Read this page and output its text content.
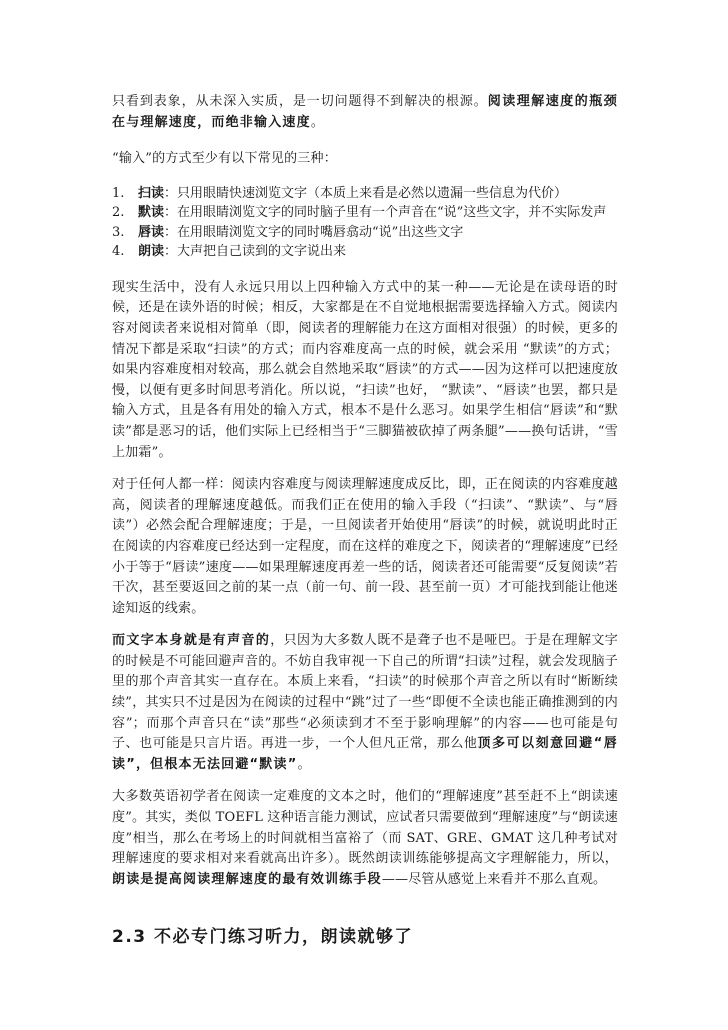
只看到表象，从未深入实质，是一切问题得不到解决的根源。阅读理解速度的瓶颈在与理解速度，而绝非输入速度。

“输入”的方式至少有以下常见的三种：

1.	扫读 ：只用眼睛快速浏览文字（本质上来看是必然以遗漏一些信息为代价）
2.	默读 ：在用眼睛浏览文字的同时脑子里有一个声音在“说”这些文字，并不实际发声
3.	唇读 ：在用眼睛浏览文字的同时嘴唇翕动“说”出这些文字
4.	朗读 ：大声把自己读到的文字说出来

现实生活中，没有人永远只用以上四种输入方式中的某一种——无论是在读母语的时候，还是在读外语的时候；相反，大家都是在不自觉地根据需要选择输入方式。阅读内容对阅读者来说相对简单（即，阅读者的理解能力在这方面相对很强）的时候，更多的情况下都是采取“扫读”的方式；而内容难度高一点的时候，就会采用 “默读”的方式；如果内容难度相对较高，那么就会自然地采取“唇读”的方式——因为这样可以把速度放慢，以便有更多时间思考消化。所以说，“扫读”也好， “默读”、“唇读”也罢，都只是输入方式，且是各有用处的输入方式，根本不是什么恶习。如果学生相信“唇读”和“默读”都是恶习的话，他们实际上已经相当于“三脚猫被砍掉了两条腿”——换句话讲，“雪上加霜”。

对于任何人都一样：阅读内容难度与阅读理解速度成反比，即，正在阅读的内容难度越高，阅读者的理解速度越低。而我们正在使用的输入手段（“扫读”、“默读”、与“唇读”）必然会配合理解速度；于是，一旦阅读者开始使用“唇读”的时候，就说明此时正在阅读的内容难度已经达到一定程度，而在这样的难度之下，阅读者的“理解速度”已经小于等于“唇读”速度——如果理解速度再差一些的话，阅读者还可能需要“反复阅读”若干次，甚至要返回之前的某一点（前一句、前一段、甚至前一页）才可能找到能让他迷途知返的线索。

而文字本身就是有声音的，只因为大多数人既不是聋子也不是哑巴。于是在理解文字的时候是不可能回避声音的。不妨自我审视一下自己的所谓“扫读”过程，就会发现脑子里的那个声音其实一直存在。本质上来看，“扫读”的时候那个声音之所以有时“断断续续”，其实只不过是因为在阅读的过程中“跳”过了一些“即便不全读也能正确推测到的内容”；而那个声音只在“读”那些“必须读到才不至于影响理解”的内容——也可能是句子、也可能是只言片语。再进一步，一个人但凡正常，那么他顶多可以刻意回避“唇读”，但根本无法回避“默读”。

大多数英语初学者在阅读一定难度的文本之时，他们的“理解速度”甚至赶不上“朗读速度”。其实，类似 TOEFL 这种语言能力测试，应试者只需要做到“理解速度”与“朗读速度”相当，那么在考场上的时间就相当富裕了（而 SAT、GRE、GMAT 这几种考试对理解速度的要求相对来看就高出许多）。既然朗读训练能够提高文字理解能力，所以，朗读是提高阅读理解速度的最有效训练手段——尽管从感觉上来看并不那么直观。

2.3 不必专门练习听力，朗读就够了
